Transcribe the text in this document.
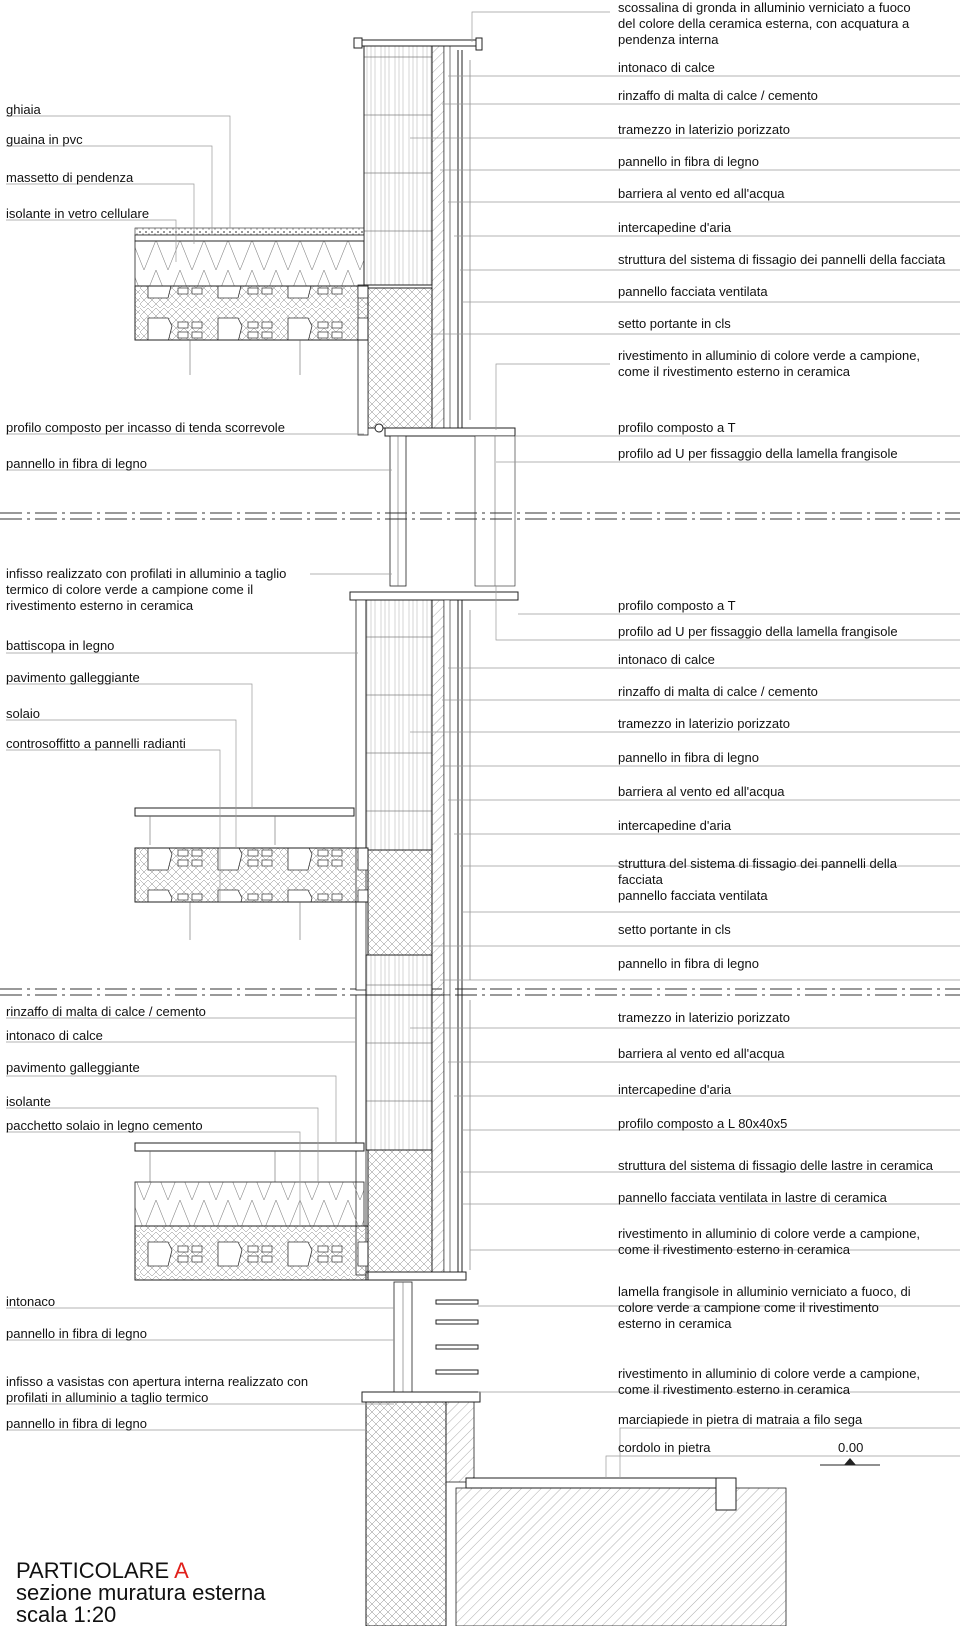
ghiaia
guaina in pvc
massetto di pendenza
isolante in vetro cellulare
profilo composto per incasso di tenda scorrevole
pannello in fibra di legno
infisso realizzato con profilati in alluminio a taglio termico di colore verde a campione come il rivestimento esterno in ceramica
battiscopa in legno
pavimento galleggiante
solaio
controsoffitto a pannelli radianti
rinzaffo di malta di calce / cemento
intonaco di calce
pavimento galleggiante
isolante
pacchetto solaio in legno cemento
intonaco
pannello in fibra di legno
infisso a vasistas con apertura interna realizzato con profilati in alluminio a taglio termico
pannello in fibra di legno
scossalina di gronda in alluminio verniciato a fuoco del colore della ceramica esterna, con acquatura a pendenza interna
intonaco di calce
rinzaffo di malta di calce / cemento
tramezzo in laterizio porizzato
pannello in fibra di legno
barriera al vento ed all'acqua
intercapedine d'aria
struttura del sistema di fissagio dei pannelli della facciata
pannello facciata ventilata
setto portante in cls
rivestimento in alluminio di colore verde a campione, come il rivestimento esterno in ceramica
profilo composto a T
profilo ad U per fissaggio della lamella frangisole
profilo composto a T
profilo ad U per fissaggio della lamella frangisole
intonaco di calce
rinzaffo di malta di calce / cemento
tramezzo in laterizio porizzato
pannello in fibra di legno
barriera al vento ed all'acqua
intercapedine d'aria
struttura del sistema di fissagio dei pannelli della facciata
pannello facciata ventilata
setto portante in cls
pannello in fibra di legno
tramezzo in laterizio porizzato
barriera al vento ed all'acqua
intercapedine d'aria
profilo composto a L 80x40x5
struttura del sistema di fissagio delle lastre in ceramica
pannello facciata ventilata in lastre di ceramica
rivestimento in alluminio di colore verde a campione, come il rivestimento esterno in ceramica
lamella frangisole in alluminio verniciato a fuoco, di colore verde a campione come il rivestimento esterno in ceramica
rivestimento in alluminio di colore verde a campione, come il rivestimento esterno in ceramica
marciapiede in pietra di matraia a filo sega
cordolo in pietra	0.00
PARTICOLARE A
sezione muratura esterna
scala 1:20
